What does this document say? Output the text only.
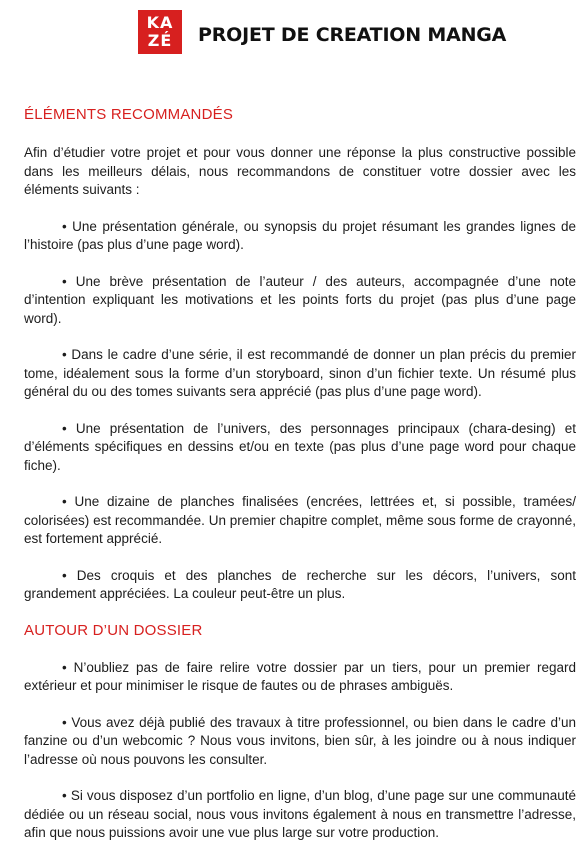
KA
ZÉ PROJET DE CREATION MANGA
ÉLÉMENTS RECOMMANDÉS

Afin d’étudier votre projet et pour vous donner une réponse la plus constructive possible dans les meilleurs délais, nous recommandons de constituer votre dossier avec les éléments suivants :

• Une présentation générale, ou synopsis du projet résumant les grandes lignes de l’histoire (pas plus d’une page word).

• Une brève présentation de l’auteur / des auteurs, accompagnée d’une note d’intention expliquant les motivations et les points forts du projet (pas plus d’une page word).

• Dans le cadre d’une série, il est recommandé de donner un plan précis du premier tome, idéalement sous la forme d’un storyboard, sinon d’un fichier texte. Un résumé plus général du ou des tomes suivants sera apprécié (pas plus d’une page word).

• Une présentation de l’univers, des personnages principaux (chara-desing) et d’éléments spécifiques en dessins et/ou en texte (pas plus d’une page word pour chaque fiche).

• Une dizaine de planches finalisées (encrées, lettrées et, si possible, tramées/ colorisées) est recommandée. Un premier chapitre complet, même sous forme de crayonné, est fortement apprécié.

• Des croquis et des planches de recherche sur les décors, l’univers, sont grandement appréciées. La couleur peut-être un plus.

AUTOUR D’UN DOSSIER

• N’oubliez pas de faire relire votre dossier par un tiers, pour un premier regard extérieur et pour minimiser le risque de fautes ou de phrases ambiguës.

• Vous avez déjà publié des travaux à titre professionnel, ou bien dans le cadre d’un fanzine ou d’un webcomic ? Nous vous invitons, bien sûr, à les joindre ou à nous indiquer l’adresse où nous pouvons les consulter.

• Si vous disposez d’un portfolio en ligne, d’un blog, d’une page sur une communauté dédiée ou un réseau social, nous vous invitons également à nous en transmettre l’adresse, afin que nous puissions avoir une vue plus large sur votre production.
